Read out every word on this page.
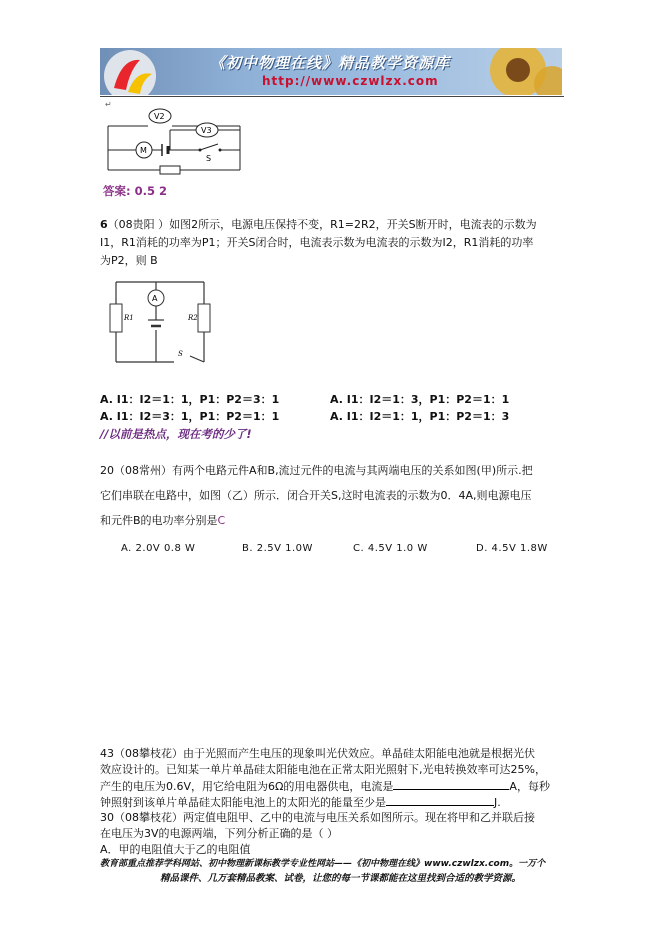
《初中物理在线》精品教学资源库
http://www.czwlzx.com
↵
V2
V3
M
S
答案: 0.5 2
6（08贵阳 ）如图2所示，电源电压保持不变，R1=2R2，开关S断开时，电流表的示数为
I1，R1消耗的功率为P1；开关S闭合时，电流表示数为电流表的示数为I2，R1消耗的功率
为P2，则 B
A
R1	R2
S
A. I1：I2＝1：1，P1：P2＝3：1	A. I1：I2＝1：3，P1：P2＝1：1
A. I1：I2＝3：1，P1：P2＝1：1	A. I1：I2＝1：1，P1：P2＝1：3
//以前是热点，现在考的少了!
20（08常州）有两个电路元件A和B,流过元件的电流与其两端电压的关系如图(甲)所示.把
它们串联在电路中，如图（乙）所示．闭合开关S,这时电流表的示数为0．4A,则电源电压
和元件B的电功率分别是C
A. 2.0V 0.8 W	B. 2.5V 1.0W	C. 4.5V 1.0 W	D. 4.5V 1.8W
43（08攀枝花）由于光照而产生电压的现象叫光伏效应。单晶硅太阳能电池就是根据光伏
效应设计的。已知某一单片单晶硅太阳能电池在正常太阳光照射下,光电转换效率可达25%，
产生的电压为0.6V，用它给电阻为6Ω的用电器供电，电流是	A，每秒
钟照射到该单片单晶硅太阳能电池上的太阳光的能量至少是	J.
30（08攀枝花）两定值电阻甲、乙中的电流与电压关系如图所示。现在将甲和乙并联后接
在电压为3V的电源两端，下列分析正确的是（ ）
A．甲的电阻值大于乙的电阻值
教育部重点推荐学科网站、初中物理新课标教学专业性网站——《初中物理在线》www.czwlzx.com。一万个
精品课件、几万套精品教案、试卷，让您的每一节课都能在这里找到合适的教学资源。
